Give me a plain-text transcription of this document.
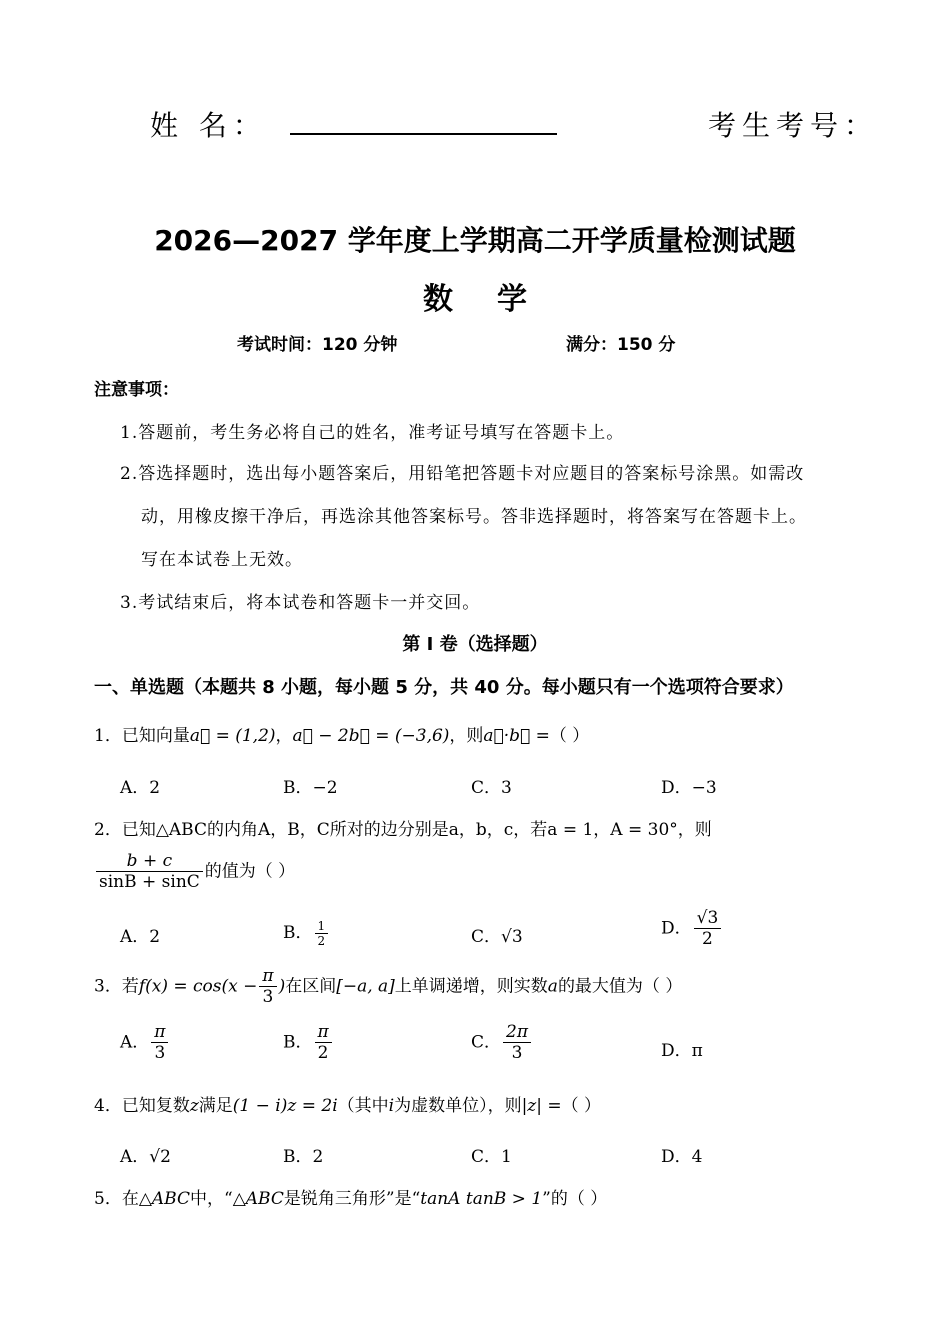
姓 名：	考生考号：
2026—2027 学年度上学期高二开学质量检测试题
数学
考试时间：120 分钟	满分：150 分
注意事项：
1.答题前，考生务必将自己的姓名，准考证号填写在答题卡上。
2.答选择题时，选出每小题答案后，用铅笔把答题卡对应题目的答案标号涂黑。如需改
动，用橡皮擦干净后，再选涂其他答案标号。答非选择题时，将答案写在答题卡上。
写在本试卷上无效。
3.考试结束后，将本试卷和答题卡一并交回。
第 Ⅰ 卷（选择题）
一、单选题（本题共 8 小题，每小题 5 分，共 40 分。每小题只有一个选项符合要求）
1．已知向量a⃗ = (1,2)，a⃗ − 2b⃗ = (−3,6)，则a⃗·b⃗ =（ ）
A．2	B．−2	C．3	D．−3
2．已知△ABC的内角A，B，C所对的边分别是a，b，c，若a = 1，A = 30°，则
$\frac{b + c}{\sin B + \sin C}$ 的值为（ ）
A．2	B． $\frac{1}{2}$	C．√3	D． $\frac{√3}{2}$
3．若$f(x) = \cos(x - \frac{\pi}{3}$ )在区间[−a, a]上单调递增，则实数a的最大值为（ ）
A． $\frac{\pi}{3}$	B． $\frac{\pi}{2}$	C． $\frac{2\pi}{3}$	D．π
4．已知复数z满足(1 − i)z = 2i（其中i为虚数单位），则|z| =（ ）
A．√2	B．2	C．1	D．4
5．在△ABC中，“△ABC是锐角三角形”是“tanA tanB > 1”的（ ）
